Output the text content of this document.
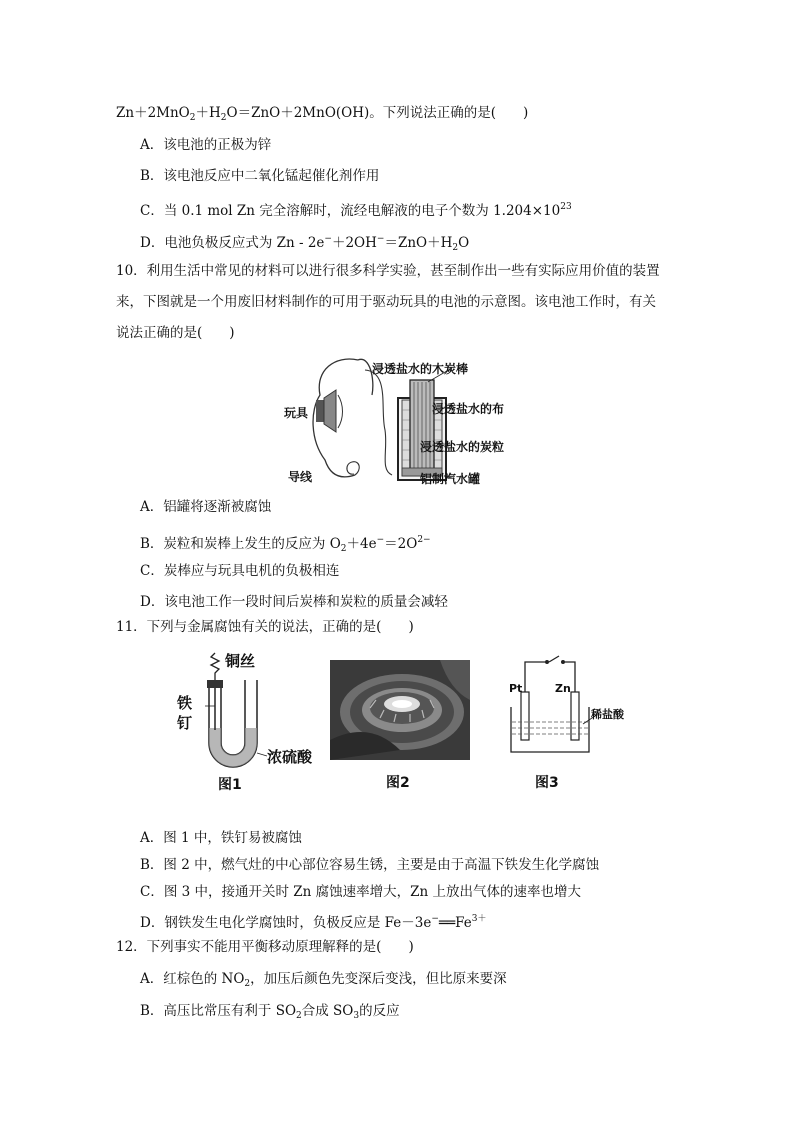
$Zn+2MnO_2+H_2O=ZnO+2MnO(OH)$。下列说法正确的是(　　)
A．该电池的正极为锌
B．该电池反应中二氧化锰起催化剂作用
C．当 0.1 mol Zn 完全溶解时，流经电解液的电子个数为 $1.204\times 10^{23}$
D．电池负极反应式为 $Zn - 2e^-+2OH^-=ZnO+H_2O$
10．利用生活中常见的材料可以进行很多科学实验，甚至制作出一些有实际应用价值的装置
来，下图就是一个用废旧材料制作的可用于驱动玩具的电池的示意图。该电池工作时，有关
说法正确的是(　　)
浸透盐水的木炭棒
浸透盐水的布
浸透盐水的炭粒
铝制汽水罐
玩具
导线
A．铝罐将逐渐被腐蚀
B．炭粒和炭棒上发生的反应为 $O_2+4e^-=2O^{2-}$
C．炭棒应与玩具电机的负极相连
D．该电池工作一段时间后炭棒和炭粒的质量会减轻
11．下列与金属腐蚀有关的说法，正确的是(　　)
铜丝
铁
钉
浓硫酸
图1	图2
Pt	Zn
稀盐酸
图3
A．图 1 中，铁钉易被腐蚀
B．图 2 中，燃气灶的中心部位容易生锈，主要是由于高温下铁发生化学腐蚀
C．图 3 中，接通开关时 Zn 腐蚀速率增大，Zn 上放出气体的速率也增大
D．钢铁发生电化学腐蚀时，负极反应是 $Fe-3e^-══Fe^{3+}$
12．下列事实不能用平衡移动原理解释的是(　　)
A．红棕色的 $NO_2$，加压后颜色先变深后变浅，但比原来要深
B．高压比常压有利于 $SO_2$合成 $SO_3$的反应
